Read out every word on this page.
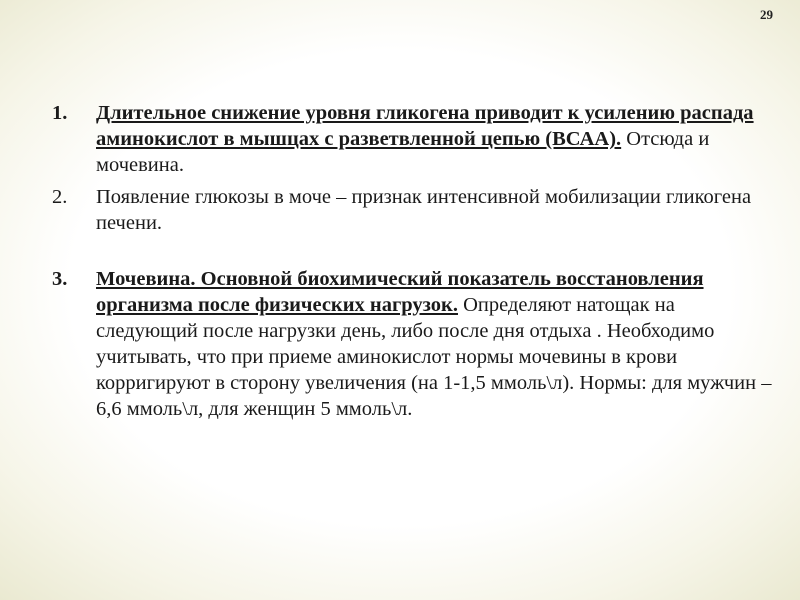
29
1. Длительное снижение уровня гликогена приводит к усилению распада аминокислот в мышцах с разветвленной цепью (ВСАА). Отсюда и мочевина.
2. Появление глюкозы в моче – признак интенсивной мобилизации гликогена печени.
3. Мочевина. Основной биохимический показатель восстановления организма после физических нагрузок. Определяют натощак на следующий после нагрузки день, либо после дня отдыха . Необходимо учитывать, что при приеме аминокислот нормы мочевины в крови корригируют в сторону увеличения (на 1-1,5 ммоль\л). Нормы: для мужчин – 6,6 ммоль\л, для женщин 5 ммоль\л.
